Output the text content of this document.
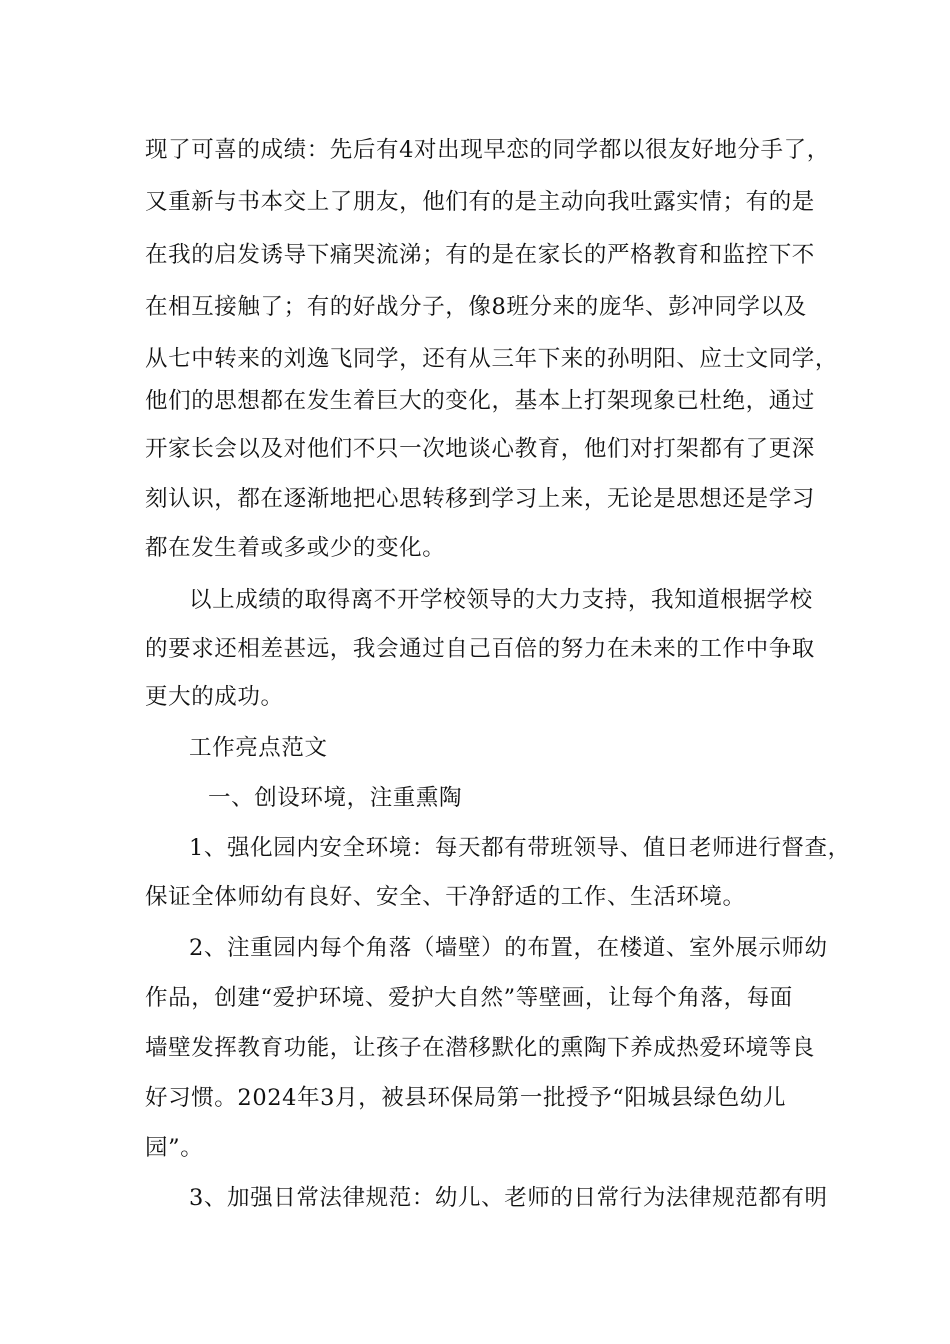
现了可喜的成绩：先后有4对出现早恋的同学都以很友好地分手了，
又重新与书本交上了朋友，他们有的是主动向我吐露实情；有的是
在我的启发诱导下痛哭流涕；有的是在家长的严格教育和监控下不
在相互接触了；有的好战分子，像8班分来的庞华、彭冲同学以及
从七中转来的刘逸飞同学，还有从三年下来的孙明阳、应士文同学，
他们的思想都在发生着巨大的变化，基本上打架现象已杜绝，通过
开家长会以及对他们不只一次地谈心教育，他们对打架都有了更深
刻认识，都在逐渐地把心思转移到学习上来，无论是思想还是学习
都在发生着或多或少的变化。
以上成绩的取得离不开学校领导的大力支持，我知道根据学校
的要求还相差甚远，我会通过自己百倍的努力在未来的工作中争取
更大的成功。
工作亮点范文
一、创设环境，注重熏陶
1、强化园内安全环境：每天都有带班领导、值日老师进行督查，
保证全体师幼有良好、安全、干净舒适的工作、生活环境。
2、注重园内每个角落（墙壁）的布置，在楼道、室外展示师幼
作品，创建“爱护环境、爱护大自然”等壁画，让每个角落，每面
墙壁发挥教育功能，让孩子在潜移默化的熏陶下养成热爱环境等良
好习惯。2024年3月，被县环保局第一批授予“阳城县绿色幼儿
园”。
3、加强日常法律规范：幼儿、老师的日常行为法律规范都有明
